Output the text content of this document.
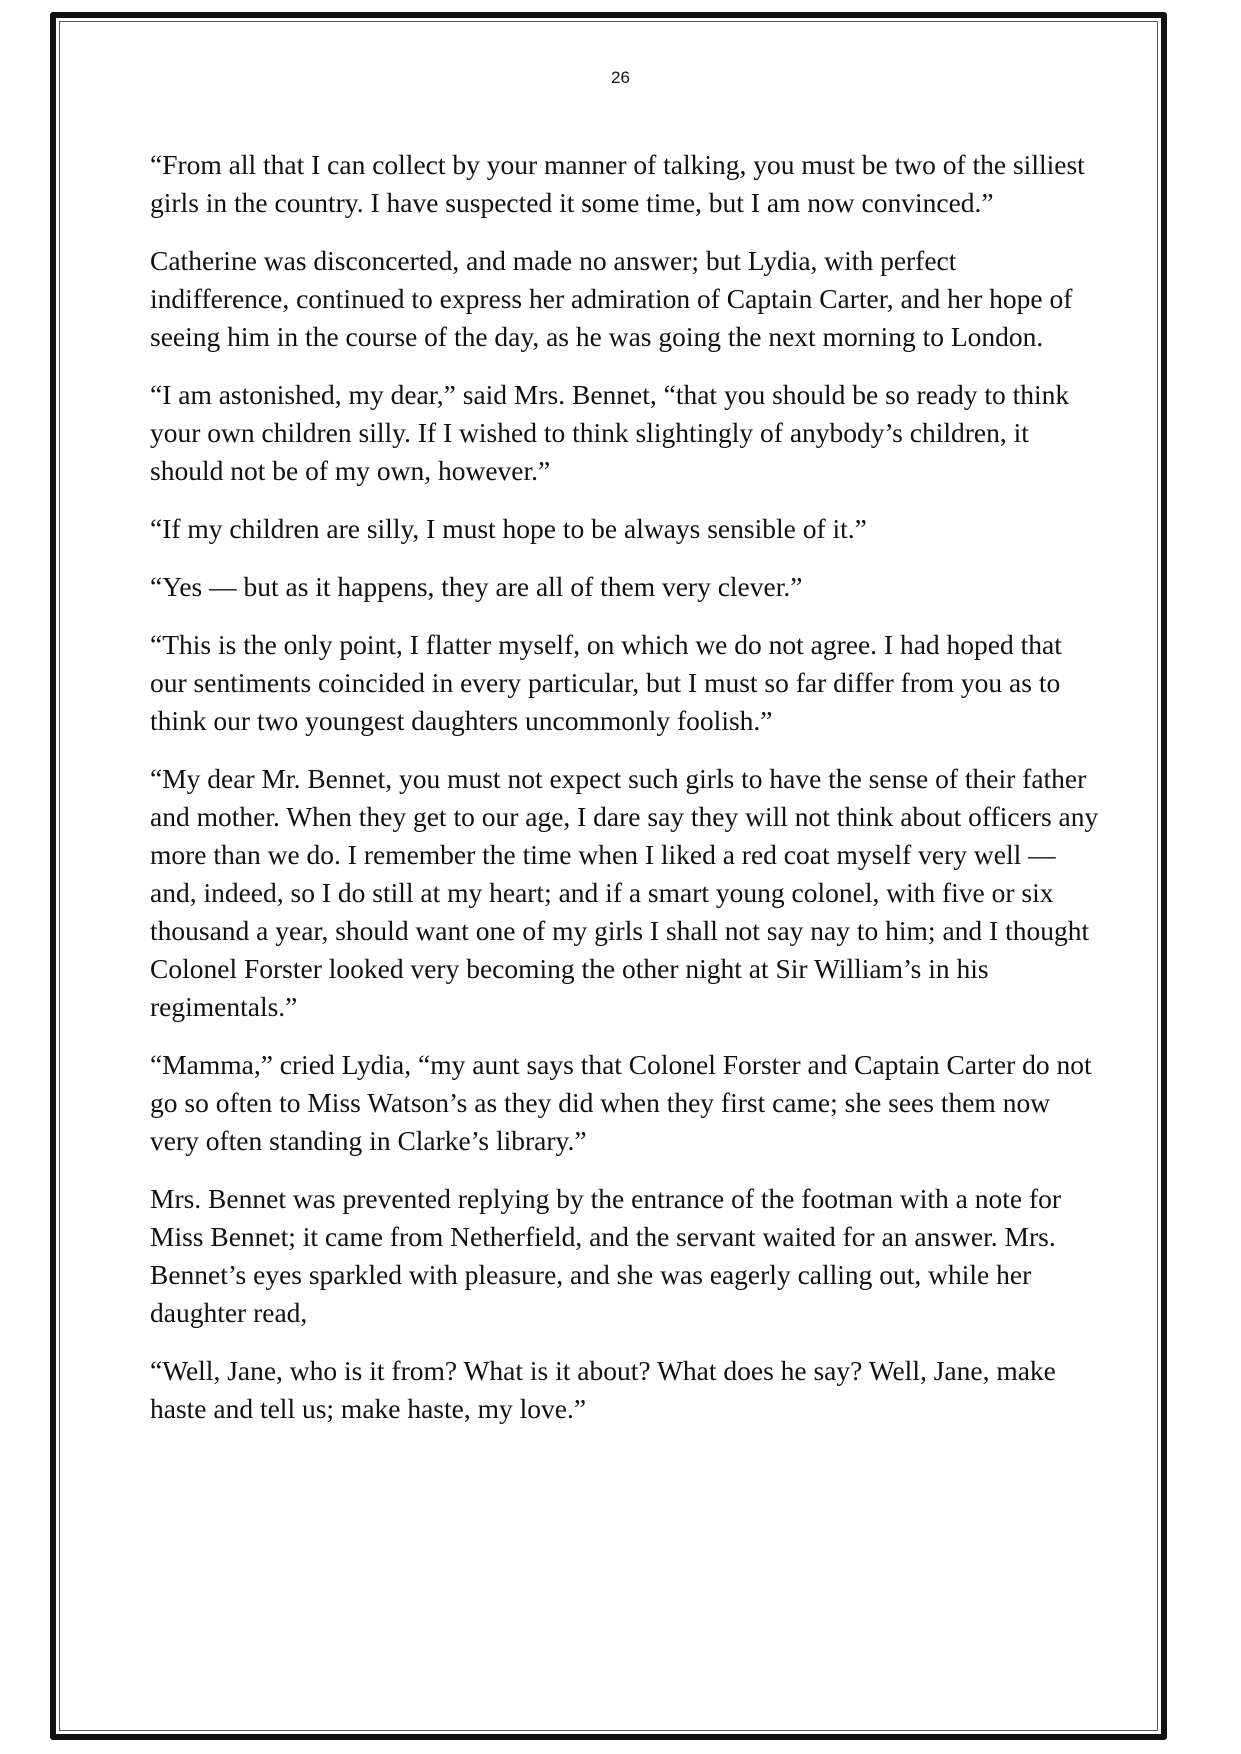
26

“From all that I can collect by your manner of talking, you must be two of the silliest girls in the country. I have suspected it some time, but I am now convinced.”

Catherine was disconcerted, and made no answer; but Lydia, with perfect indifference, continued to express her admiration of Captain Carter, and her hope of seeing him in the course of the day, as he was going the next morning to London.

“I am astonished, my dear,” said Mrs. Bennet, “that you should be so ready to think your own children silly. If I wished to think slightingly of anybody’s children, it should not be of my own, however.”

“If my children are silly, I must hope to be always sensible of it.”

“Yes — but as it happens, they are all of them very clever.”

“This is the only point, I flatter myself, on which we do not agree. I had hoped that our sentiments coincided in every particular, but I must so far differ from you as to think our two youngest daughters uncommonly foolish.”

“My dear Mr. Bennet, you must not expect such girls to have the sense of their father and mother. When they get to our age, I dare say they will not think about officers any more than we do. I remember the time when I liked a red coat myself very well — and, indeed, so I do still at my heart; and if a smart young colonel, with five or six thousand a year, should want one of my girls I shall not say nay to him; and I thought Colonel Forster looked very becoming the other night at Sir William’s in his regimentals.”

“Mamma,” cried Lydia, “my aunt says that Colonel Forster and Captain Carter do not go so often to Miss Watson’s as they did when they first came; she sees them now very often standing in Clarke’s library.”

Mrs. Bennet was prevented replying by the entrance of the footman with a note for Miss Bennet; it came from Netherfield, and the servant waited for an answer. Mrs. Bennet’s eyes sparkled with pleasure, and she was eagerly calling out, while her daughter read,

“Well, Jane, who is it from? What is it about? What does he say? Well, Jane, make haste and tell us; make haste, my love.”
